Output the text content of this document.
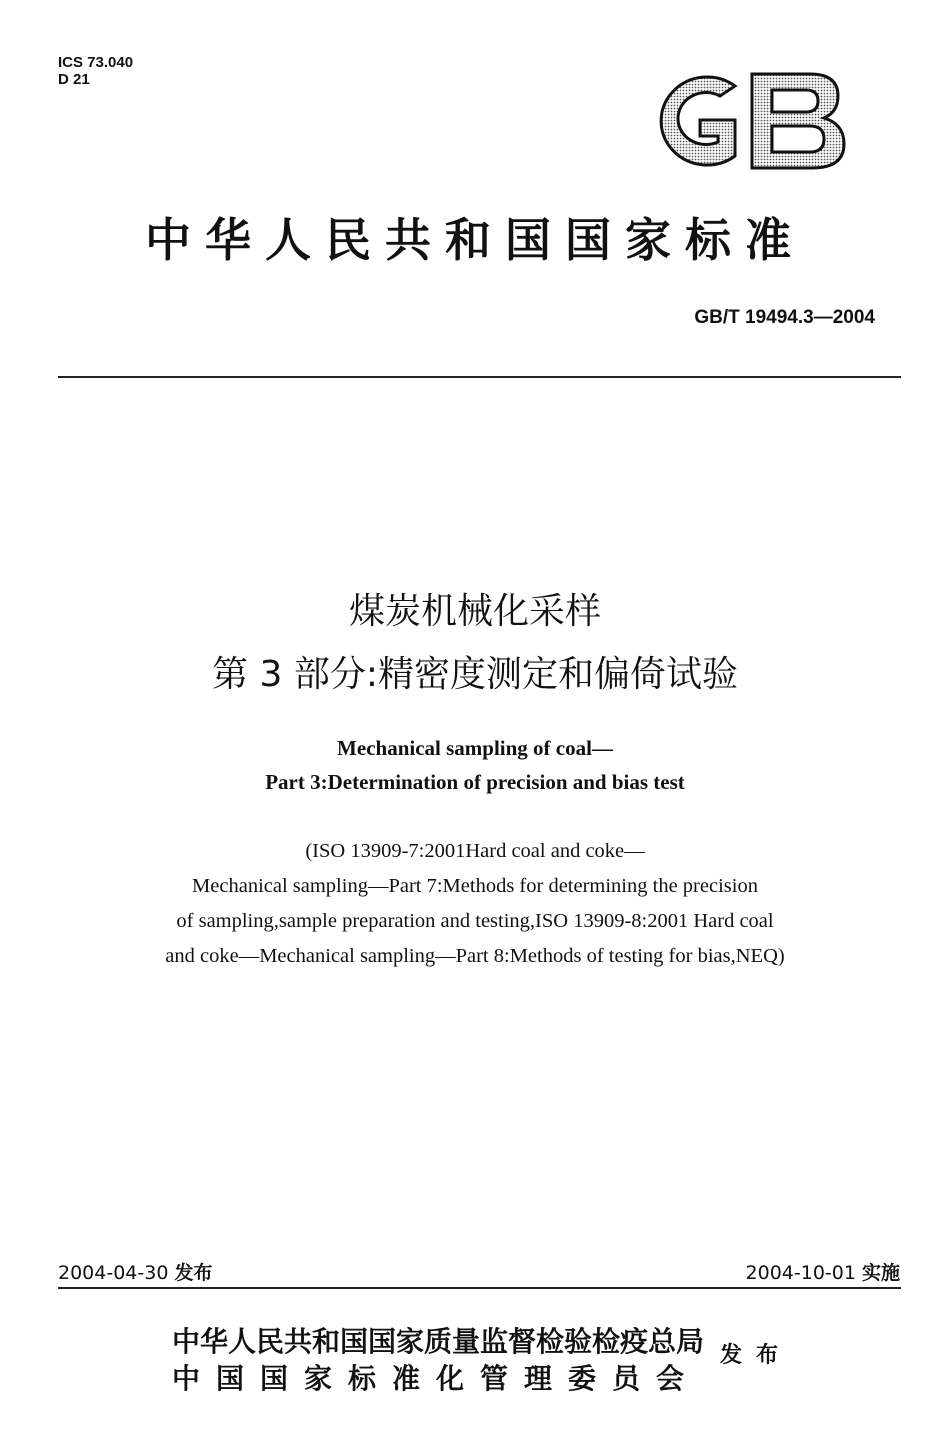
ICS 73.040
D 21
中华人民共和国国家标准
GB/T 19494.3—2004
煤炭机械化采样
第 3 部分:精密度测定和偏倚试验
Mechanical sampling of coal—
Part 3:Determination of precision and bias test
(ISO 13909-7:2001Hard coal and coke—
Mechanical sampling—Part 7:Methods for determining the precision
of sampling,sample preparation and testing,ISO 13909-8:2001 Hard coal
and coke—Mechanical sampling—Part 8:Methods of testing for bias,NEQ)
2004-04-30 发布	2004-10-01 实施
中华人民共和国国家质量监督检验检疫总局
中国国家标准化管理委员会
发布
